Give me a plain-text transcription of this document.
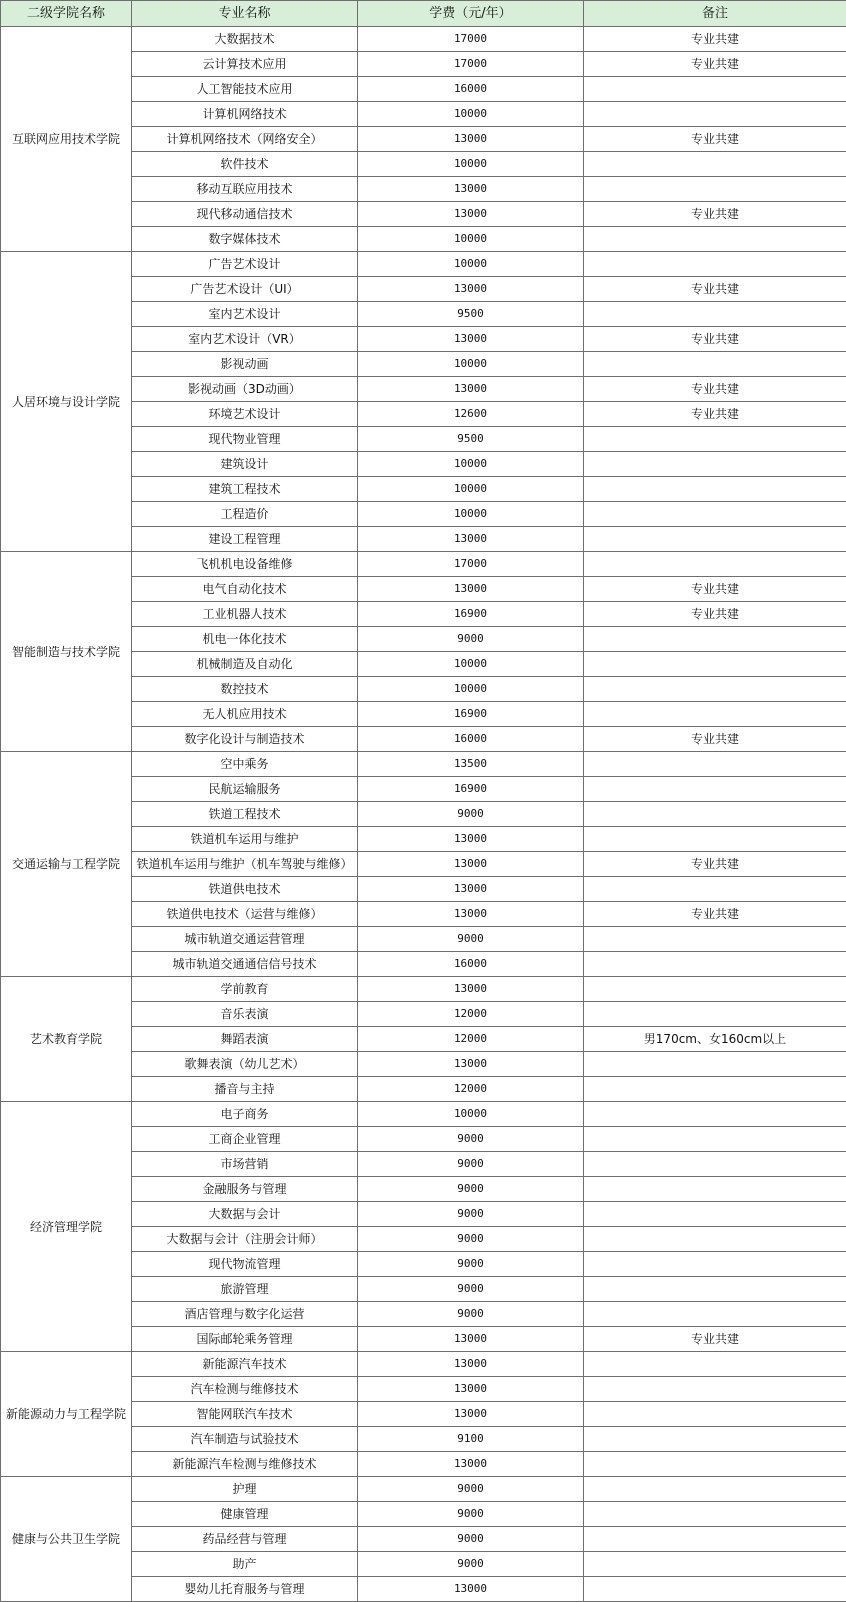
二级学院名称	专业名称	学费（元/年）	备注
互联网应用技术学院	大数据技术	17000	专业共建
	云计算技术应用	17000	专业共建
	人工智能技术应用	16000	
	计算机网络技术	10000	
	计算机网络技术（网络安全）	13000	专业共建
	软件技术	10000	
	移动互联应用技术	13000	
	现代移动通信技术	13000	专业共建
	数字媒体技术	10000	
人居环境与设计学院	广告艺术设计	10000	
	广告艺术设计（UI）	13000	专业共建
	室内艺术设计	9500	
	室内艺术设计（VR）	13000	专业共建
	影视动画	10000	
	影视动画（3D动画）	13000	专业共建
	环境艺术设计	12600	专业共建
	现代物业管理	9500	
	建筑设计	10000	
	建筑工程技术	10000	
	工程造价	10000	
	建设工程管理	13000	
智能制造与技术学院	飞机机电设备维修	17000	
	电气自动化技术	13000	专业共建
	工业机器人技术	16900	专业共建
	机电一体化技术	9000	
	机械制造及自动化	10000	
	数控技术	10000	
	无人机应用技术	16900	
	数字化设计与制造技术	16000	专业共建
交通运输与工程学院	空中乘务	13500	
	民航运输服务	16900	
	铁道工程技术	9000	
	铁道机车运用与维护	13000	
	铁道机车运用与维护（机车驾驶与维修）	13000	专业共建
	铁道供电技术	13000	
	铁道供电技术（运营与维修）	13000	专业共建
	城市轨道交通运营管理	9000	
	城市轨道交通通信信号技术	16000	
艺术教育学院	学前教育	13000	
	音乐表演	12000	
	舞蹈表演	12000	男170cm、女160cm以上
	歌舞表演（幼儿艺术）	13000	
	播音与主持	12000	
经济管理学院	电子商务	10000	
	工商企业管理	9000	
	市场营销	9000	
	金融服务与管理	9000	
	大数据与会计	9000	
	大数据与会计（注册会计师）	9000	
	现代物流管理	9000	
	旅游管理	9000	
	酒店管理与数字化运营	9000	
	国际邮轮乘务管理	13000	专业共建
新能源动力与工程学院	新能源汽车技术	13000	
	汽车检测与维修技术	13000	
	智能网联汽车技术	13000	
	汽车制造与试验技术	9100	
	新能源汽车检测与维修技术	13000	
健康与公共卫生学院	护理	9000	
	健康管理	9000	
	药品经营与管理	9000	
	助产	9000	
	婴幼儿托育服务与管理	13000	
